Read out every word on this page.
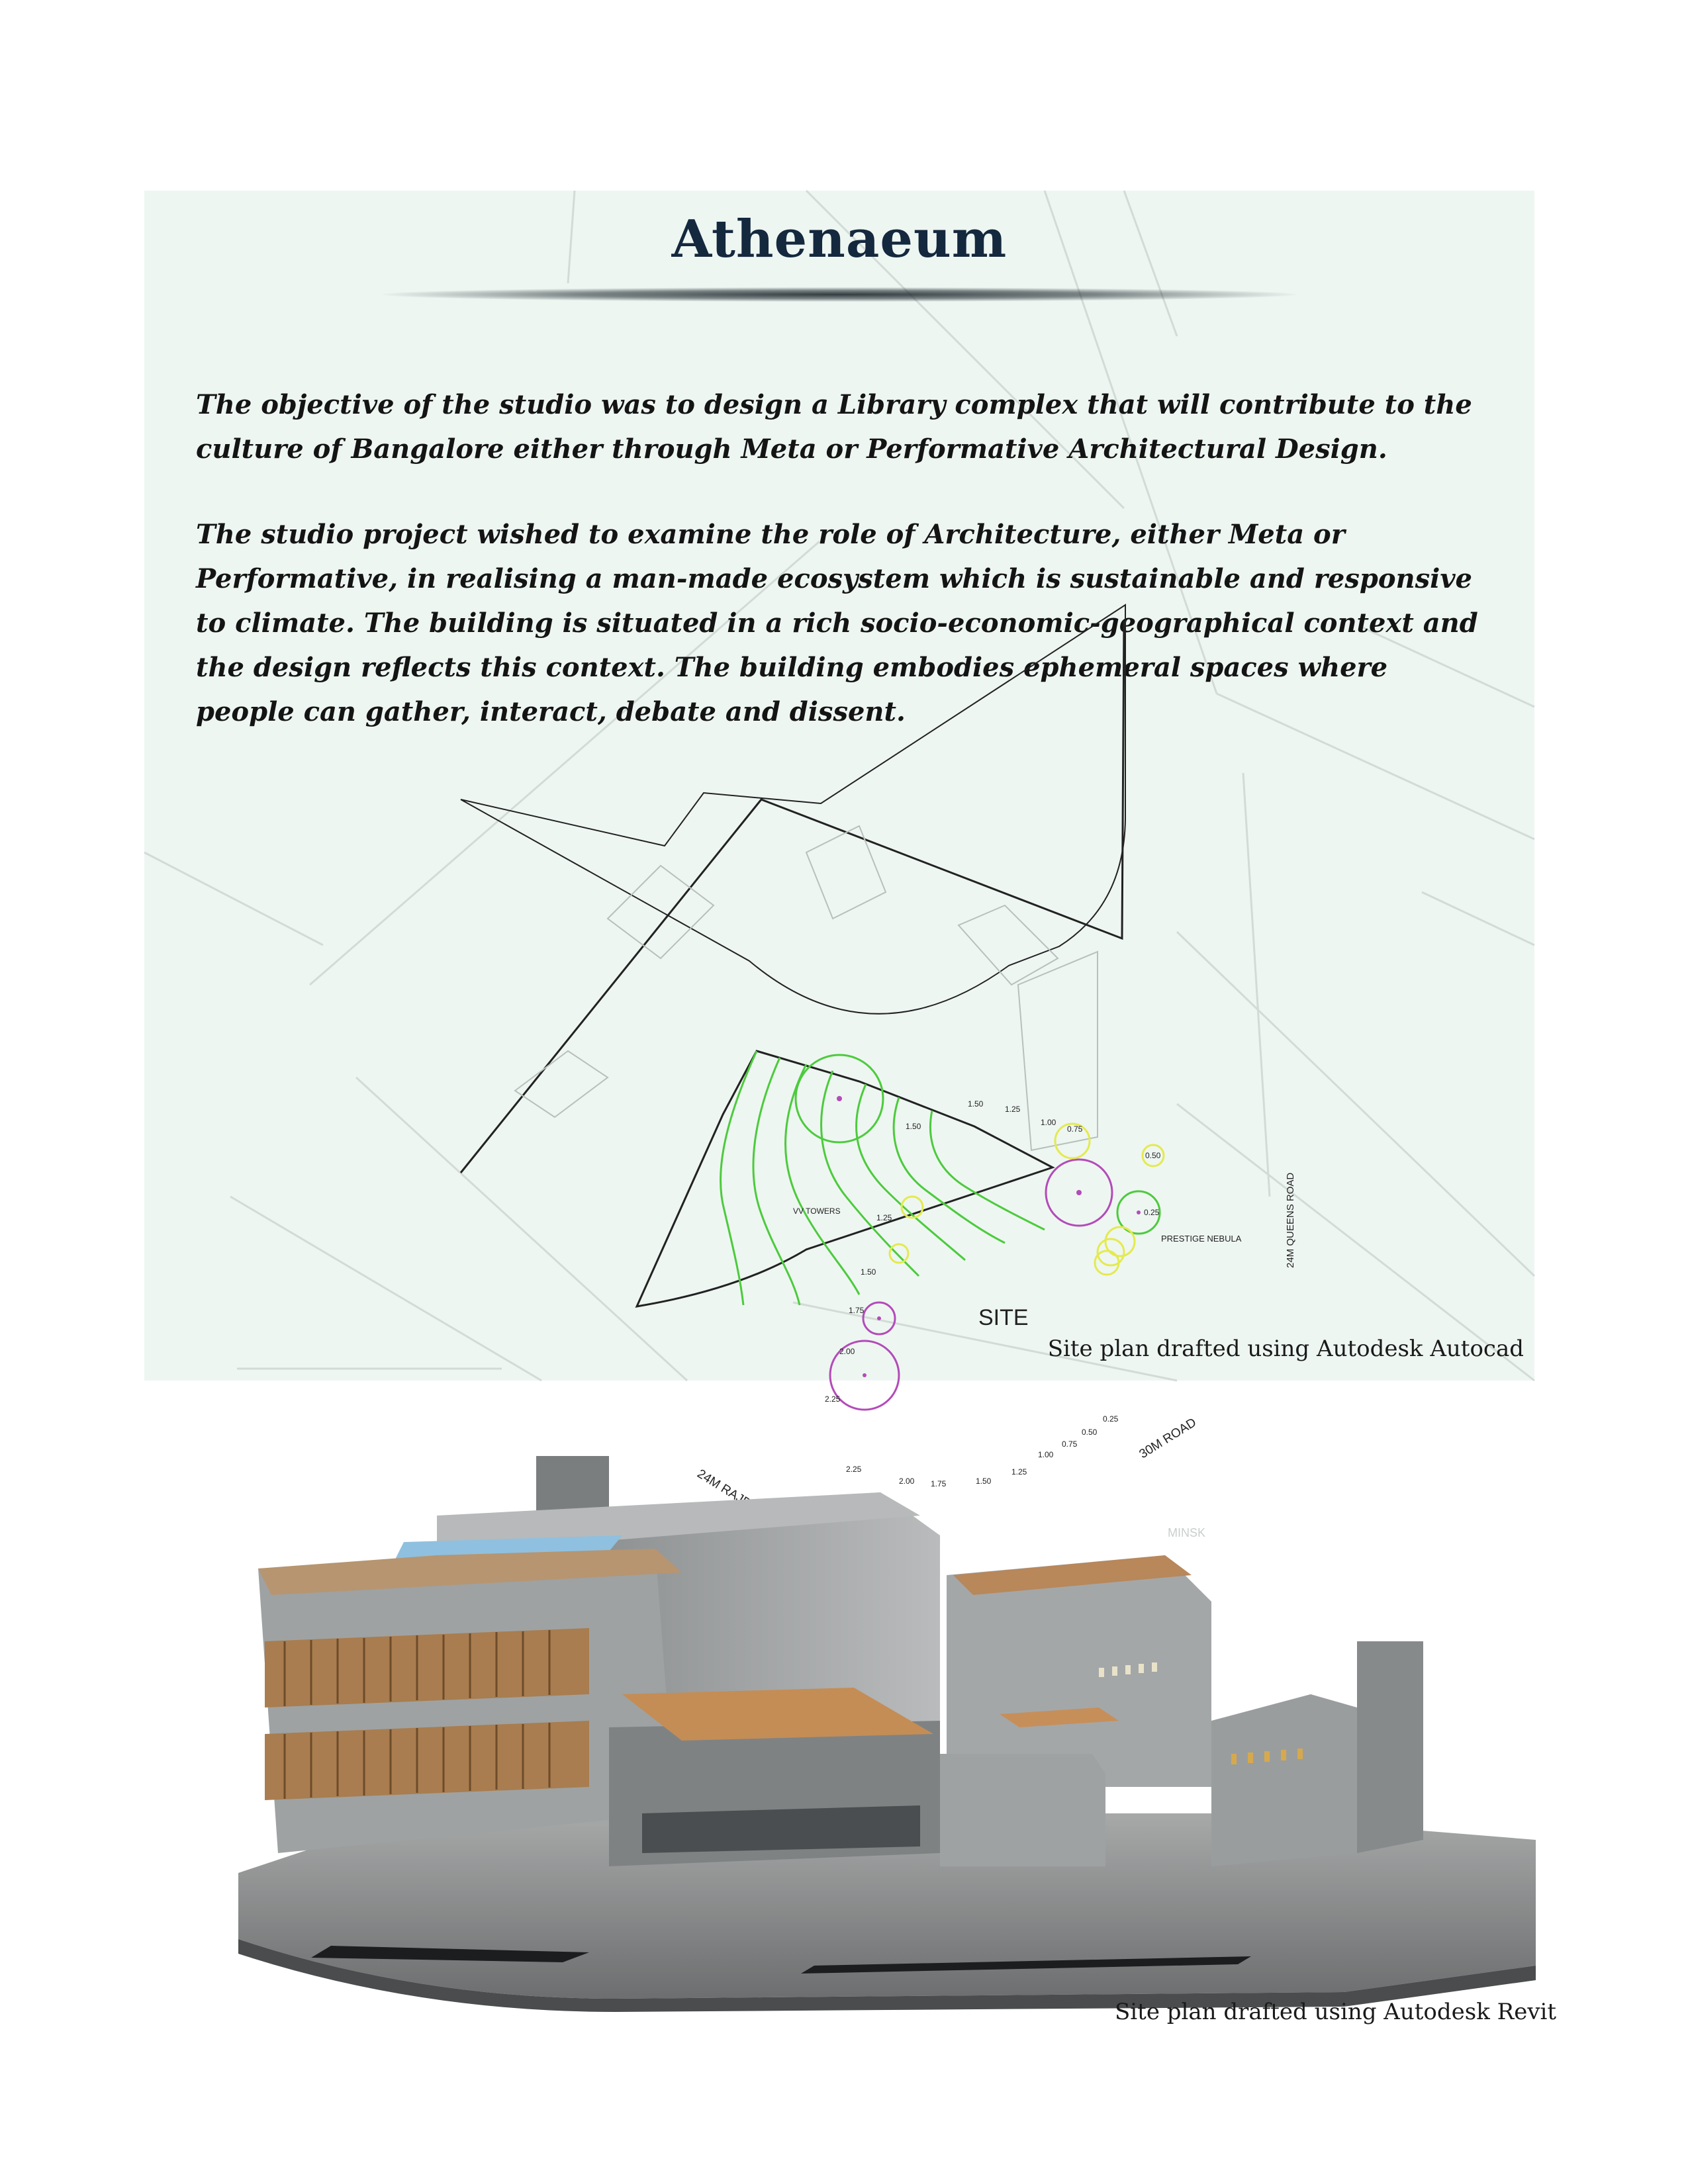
Athenaeum

The objective of the studio was to design a Library complex that will contribute to the culture of Bangalore either through Meta or Performative Architectural Design.

The studio project wished to examine the role of Architecture, either Meta or Performative, in realising a man-made ecosystem which is sustainable and responsive to climate. The building is situated in a rich socio-economic-geographical context and the design reflects this context. The building embodies ephemeral spaces where people can gather, interact, debate and dissent.

SITE
VV TOWERS
PRESTIGE NEBULA	24M QUEENS ROAD
30M ROAD
MINSK
2.25
2.00 1.75	1.50
1.25
1.00
0.75
0.50
0.25
1.50
1.50
1.25
1.00
0.75
0.50
0.25
1.25
1.50
1.75
2.00
2.25

Site plan drafted using Autodesk Autocad

Site plan drafted using Autodesk Revit
